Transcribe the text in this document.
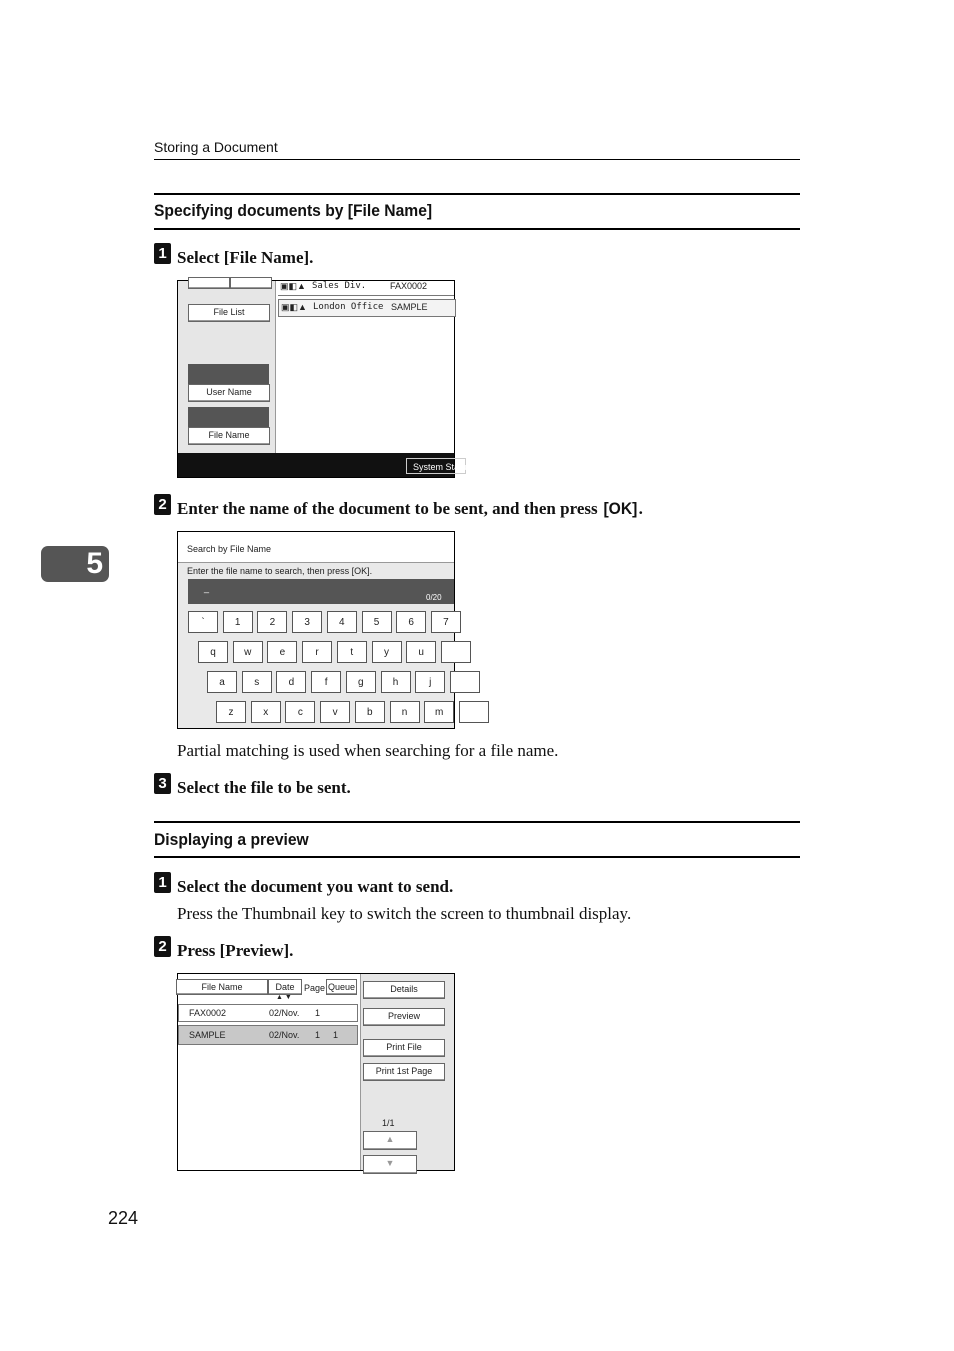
Storing a Document
5
Specifying documents by [File Name]
1 Select [File Name].
File List
User Name
File Name
▣◧▲ Sales Div.	FAX0002
▣◧▲ London Office SAMPLE
System Status
2 Enter the name of the document to be sent, and then press [OK].
Search by File Name
Enter the file name to search, then press [OK].
_
0/20
`	1	2	3	4	5	6	7
q	w	e	r	t	y	u
a	s	d	f	g	h	j
z	x	c	v	b	n	m
Partial matching is used when searching for a file name.
3 Select the file to be sent.
Displaying a preview
1 Select the document you want to send.
Press the Thumbnail key to switch the screen to thumbnail display.
2 Press [Preview].
File Name	Date	Page Queue
▲ ▼
FAX0002	02/Nov. 1
SAMPLE	02/Nov. 1 1
Details
Preview
Print File
Print 1st Page
1/1
▲
▼
224
